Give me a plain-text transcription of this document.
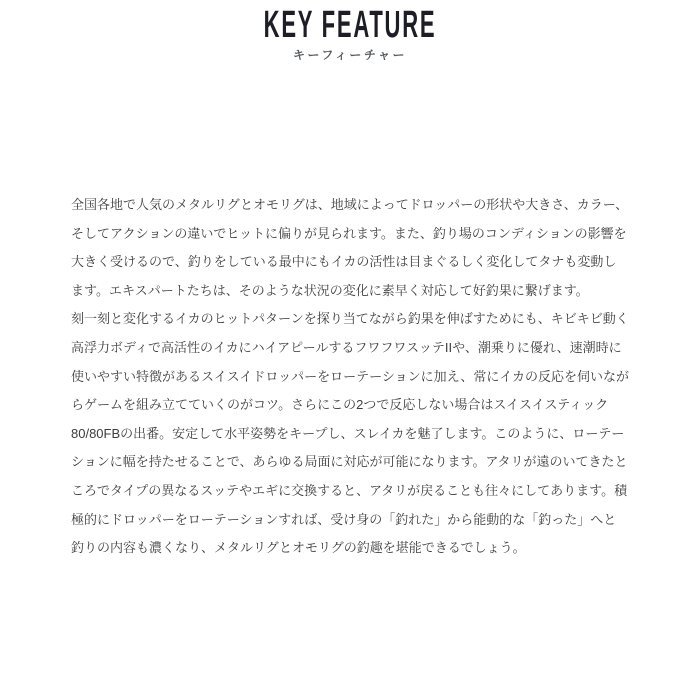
KEY FEATURE
キーフィーチャー

全国各地で人気のメタルリグとオモリグは、地域によってドロッパーの形状や大きさ、カラー、そしてアクションの違いでヒットに偏りが見られます。また、釣り場のコンディションの影響を大きく受けるので、釣りをしている最中にもイカの活性は目まぐるしく変化してタナも変動します。エキスパートたちは、そのような状況の変化に素早く対応して好釣果に繋げます。

刻一刻と変化するイカのヒットパターンを探り当てながら釣果を伸ばすためにも、キビキビ動く高浮力ボディで高活性のイカにハイアピールするフワフワスッテIIや、潮乗りに優れ、速潮時に使いやすい特徴があるスイスイドロッパーをローテーションに加え、常にイカの反応を伺いながらゲームを組み立てていくのがコツ。さらにこの2つで反応しない場合はスイスイスティック80/80FBの出番。安定して水平姿勢をキープし、スレイカを魅了します。このように、ローテーションに幅を持たせることで、あらゆる局面に対応が可能になります。アタリが遠のいてきたところでタイプの異なるスッテやエギに交換すると、アタリが戻ることも往々にしてあります。積極的にドロッパーをローテーションすれば、受け身の「釣れた」から能動的な「釣った」へと釣りの内容も濃くなり、メタルリグとオモリグの釣趣を堪能できるでしょう。
